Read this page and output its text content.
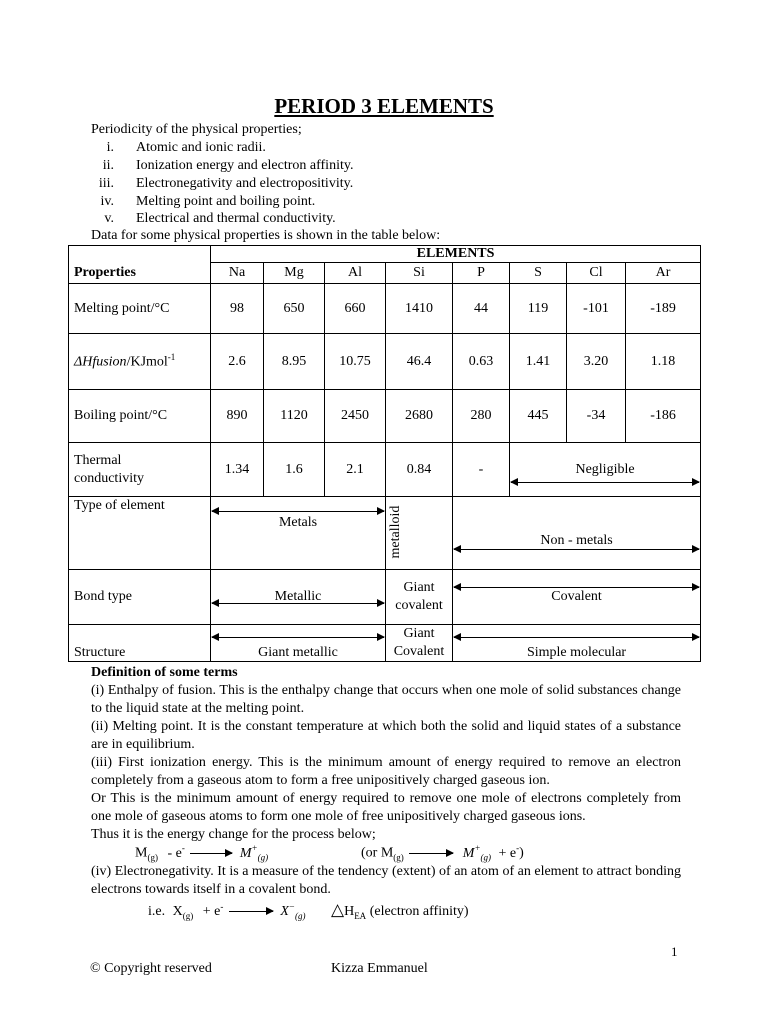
PERIOD 3 ELEMENTS
Periodicity of the physical properties;
i. Atomic and ionic radii.
ii. Ionization energy and electron affinity.
iii. Electronegativity and electropositivity.
iv. Melting point and boiling point.
v. Electrical and thermal conductivity.
Data for some physical properties is shown in the table below:
	ELEMENTS							
Properties	Na	Mg	Al	Si	P	S	Cl	Ar
Melting point/°C	98	650	660	1410	44	119	-101	-189
ΔHfusion/KJmol$^{-1}$	2.6	8.95	10.75	46.4	0.63	1.41	3.20	1.18
Boiling point/°C	890	1120	2450	2680	280	445	-34	-186
Thermal
conductivity	1.34	1.6	2.1	0.84	-	Negligible		

Type of element	Metals			metalloid	Non - metals			

Bond type	Metallic			Giant
covalent	Covalent			
Structure	Giant metallic			Giant
Covalent	Simple molecular			
Definition of some terms
(i) Enthalpy of fusion. This is the enthalpy change that occurs when one mole of solid substances change to the liquid state at the melting point.
(ii) Melting point. It is the constant temperature at which both the solid and liquid states of a substance are in equilibrium.
(iii) First ionization energy. This is the minimum amount of energy required to remove an electron completely from a gaseous atom to form a free unipositively charged gaseous ion.
Or This is the minimum amount of energy required to remove one mole of electrons completely from one mole of gaseous atoms to form one mole of free unipositively charged gaseous ions.
Thus it is the energy change for the process below;
$M_{(g)} - e^- \to M^+_{(g)}$	(or $M_{(g)} \to M^+_{(g)} + e^-$)
(iv) Electronegativity. It is a measure of the tendency (extent) of an atom of an element to attract bonding electrons towards itself in a covalent bond.
i.e. $X_{(g)} + e^- \to X^-_{(g)}$ $\triangle H_{EA}$ (electron affinity)
1
© Copyright reserved	Kizza Emmanuel
